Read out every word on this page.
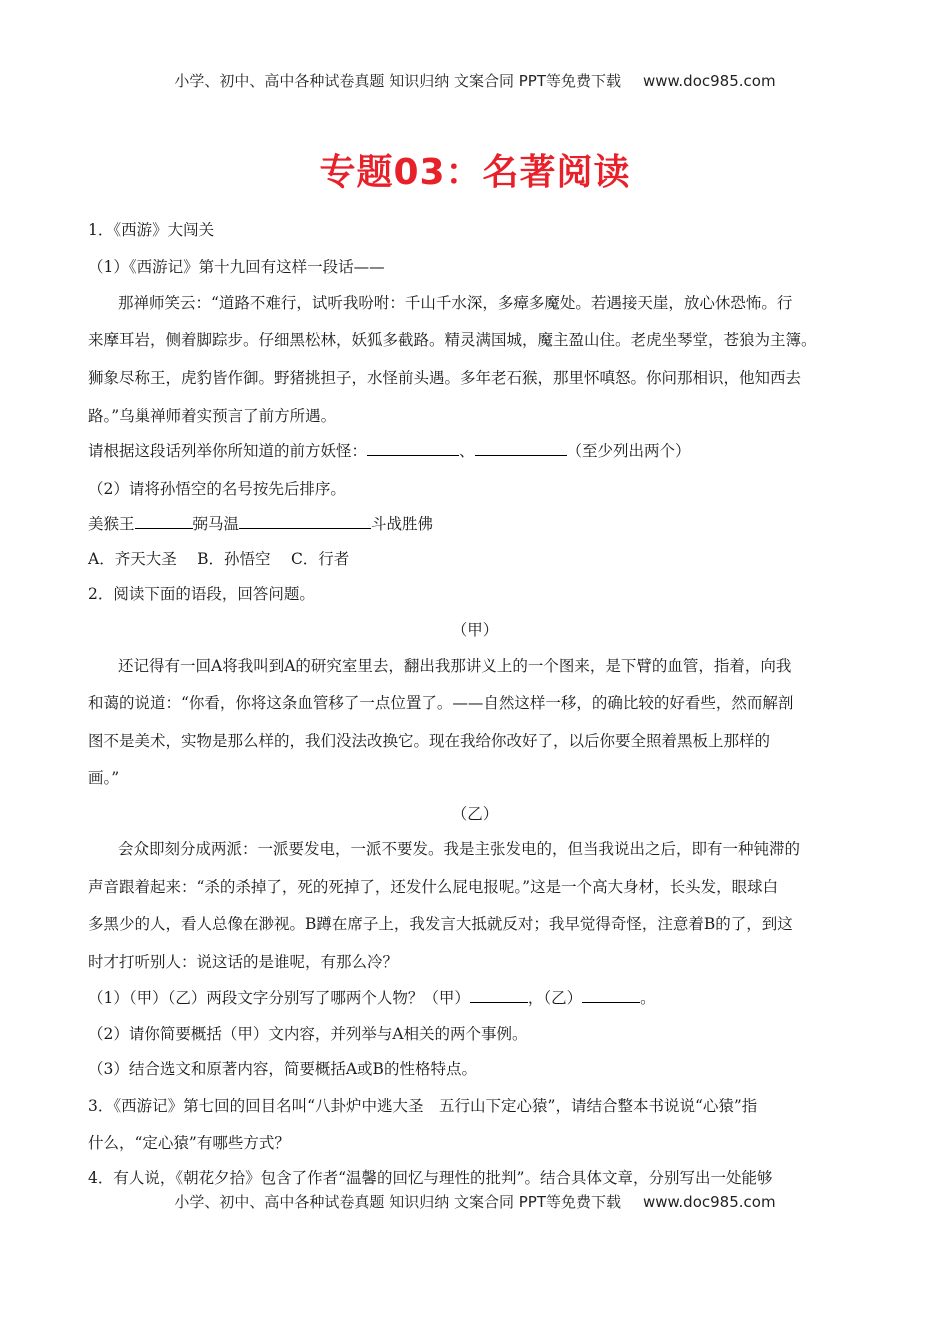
小学、初中、高中各种试卷真题 知识归纳 文案合同 PPT等免费下载 www.doc985.com
专题03：名著阅读
1．《西游》大闯关
（1）《西游记》第十九回有这样一段话——
那禅师笑云：“道路不难行，试听我吩咐：千山千水深，多瘴多魔处。若遇接天崖，放心休恐怖。行
来摩耳岩，侧着脚踪步。仔细黑松林，妖狐多截路。精灵满国城，魔主盈山住。老虎坐琴堂，苍狼为主簿。
狮象尽称王，虎豹皆作御。野猪挑担子，水怪前头遇。多年老石猴，那里怀嗔怒。你问那相识，他知西去
路。”乌巢禅师着实预言了前方所遇。
请根据这段话列举你所知道的前方妖怪：	、	（至少列出两个）
（2）请将孙悟空的名号按先后排序。
美猴王	弼马温	斗战胜佛
A．齐天大圣　 B．孙悟空　 C．行者
2．阅读下面的语段，回答问题。
（甲）
还记得有一回A将我叫到A的研究室里去，翻出我那讲义上的一个图来，是下臂的血管，指着，向我
和蔼的说道：“你看，你将这条血管移了一点位置了。——自然这样一移，的确比较的好看些，然而解剖
图不是美术，实物是那么样的，我们没法改换它。现在我给你改好了，以后你要全照着黑板上那样的
画。”
（乙）
会众即刻分成两派：一派要发电，一派不要发。我是主张发电的，但当我说出之后，即有一种钝滞的
声音跟着起来：“杀的杀掉了，死的死掉了，还发什么屁电报呢。”这是一个高大身材，长头发，眼球白
多黑少的人，看人总像在渺视。B蹲在席子上，我发言大抵就反对；我早觉得奇怪，注意着B的了，到这
时才打听别人：说这话的是谁呢，有那么冷？
（1）（甲）（乙）两段文字分别写了哪两个人物？（甲）	，（乙）	。
（2）请你简要概括（甲）文内容，并列举与A相关的两个事例。
（3）结合选文和原著内容，简要概括A或B的性格特点。
3．《西游记》第七回的回目名叫“八卦炉中逃大圣　五行山下定心猿”，请结合整本书说说“心猿”指
什么，“定心猿”有哪些方式？
4．有人说，《朝花夕拾》包含了作者“温馨的回忆与理性的批判”。结合具体文章，分别写出一处能够
小学、初中、高中各种试卷真题 知识归纳 文案合同 PPT等免费下载 www.doc985.com
